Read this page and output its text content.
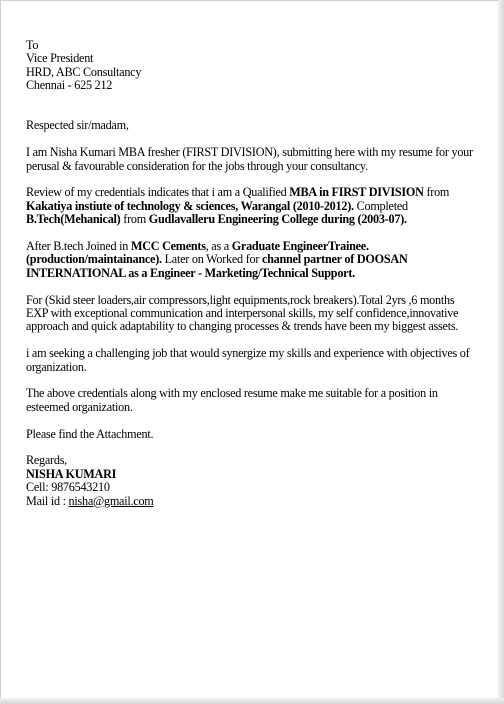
To
Vice President
HRD, ABC Consultancy
Chennai - 625 212

Respected sir/madam,

I am Nisha Kumari MBA fresher (FIRST DIVISION), submitting here with my resume for your perusal & favourable consideration for the jobs through your consultancy.

Review of my credentials indicates that i am a Qualified MBA in FIRST DIVISION from Kakatiya instiute of technology & sciences, Warangal (2010-2012). Completed B.Tech(Mehanical) from Gudlavalleru Engineering College during (2003-07).

After B.tech Joined in MCC Cements, as a Graduate EngineerTrainee.(production/maintainance). Later on Worked for channel partner of DOOSAN INTERNATIONAL as a Engineer - Marketing/Technical Support.

For (Skid steer loaders,air compressors,light equipments,rock breakers).Total 2yrs ,6 months EXP with exceptional communication and interpersonal skills, my self confidence,innovative approach and quick adaptability to changing processes & trends have been my biggest assets.

i am seeking a challenging job that would synergize my skills and experience with objectives of organization.

The above credentials along with my enclosed resume make me suitable for a position in esteemed organization.

Please find the Attachment.

Regards,
NISHA KUMARI
Cell: 9876543210
Mail id : nisha@gmail.com
